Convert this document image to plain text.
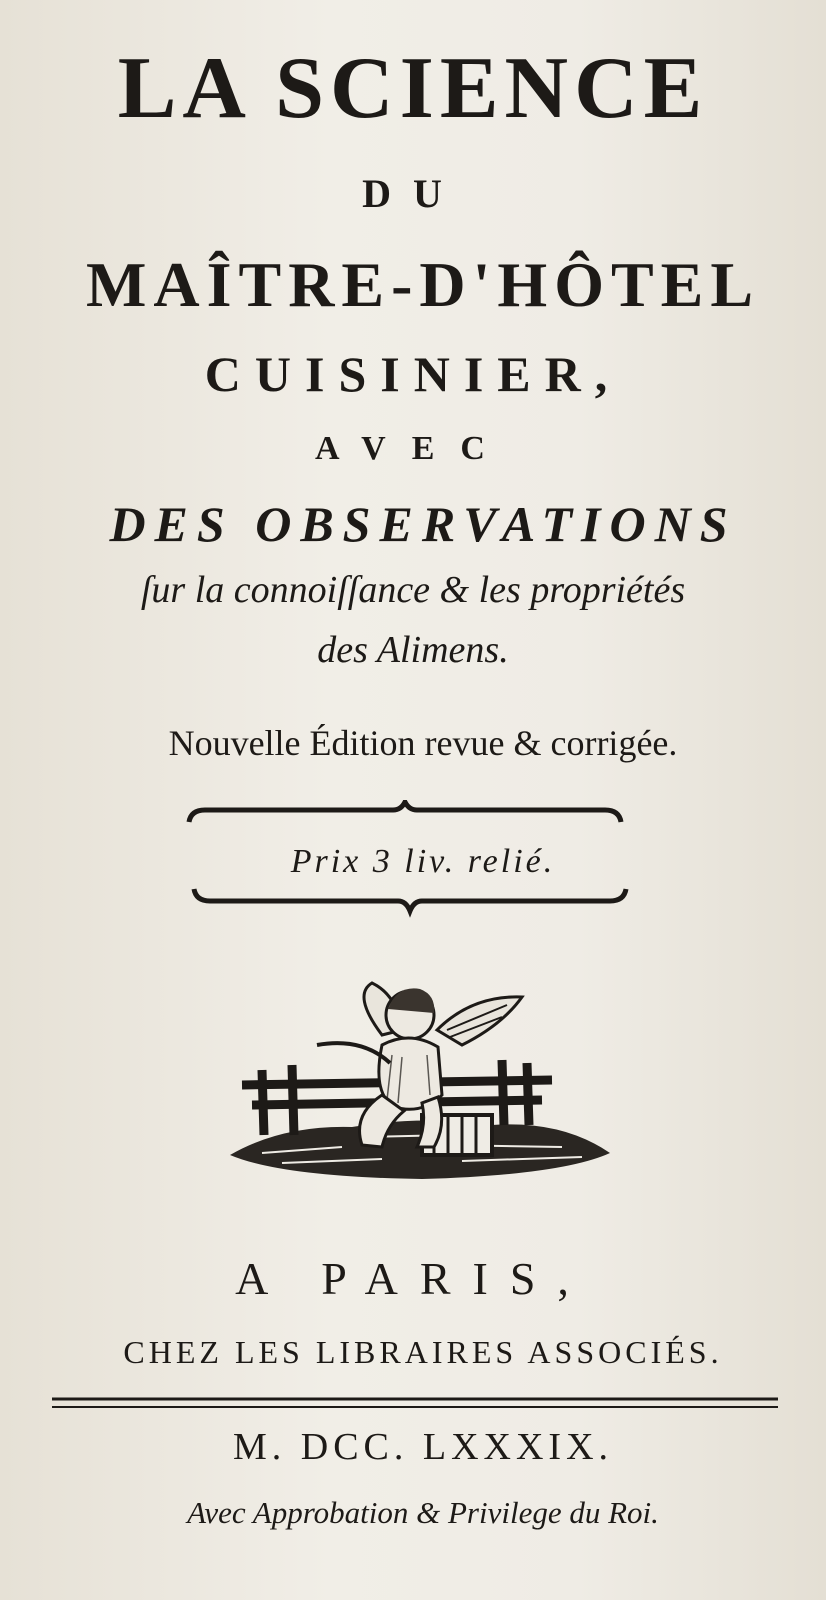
LA SCIENCE
DU
MAÎTRE-D'HÔTEL
CUISINIER,
AVEC
DES OBSERVATIONS
ſur la connoiſſance & les propriétés
des Alimens.
Nouvelle Édition revue & corrigée.
Prix 3 liv. relié.
A PARIS,
CHEZ LES LIBRAIRES ASSOCIÉS.
M. DCC. LXXXIX.
Avec Approbation & Privilege du Roi.
